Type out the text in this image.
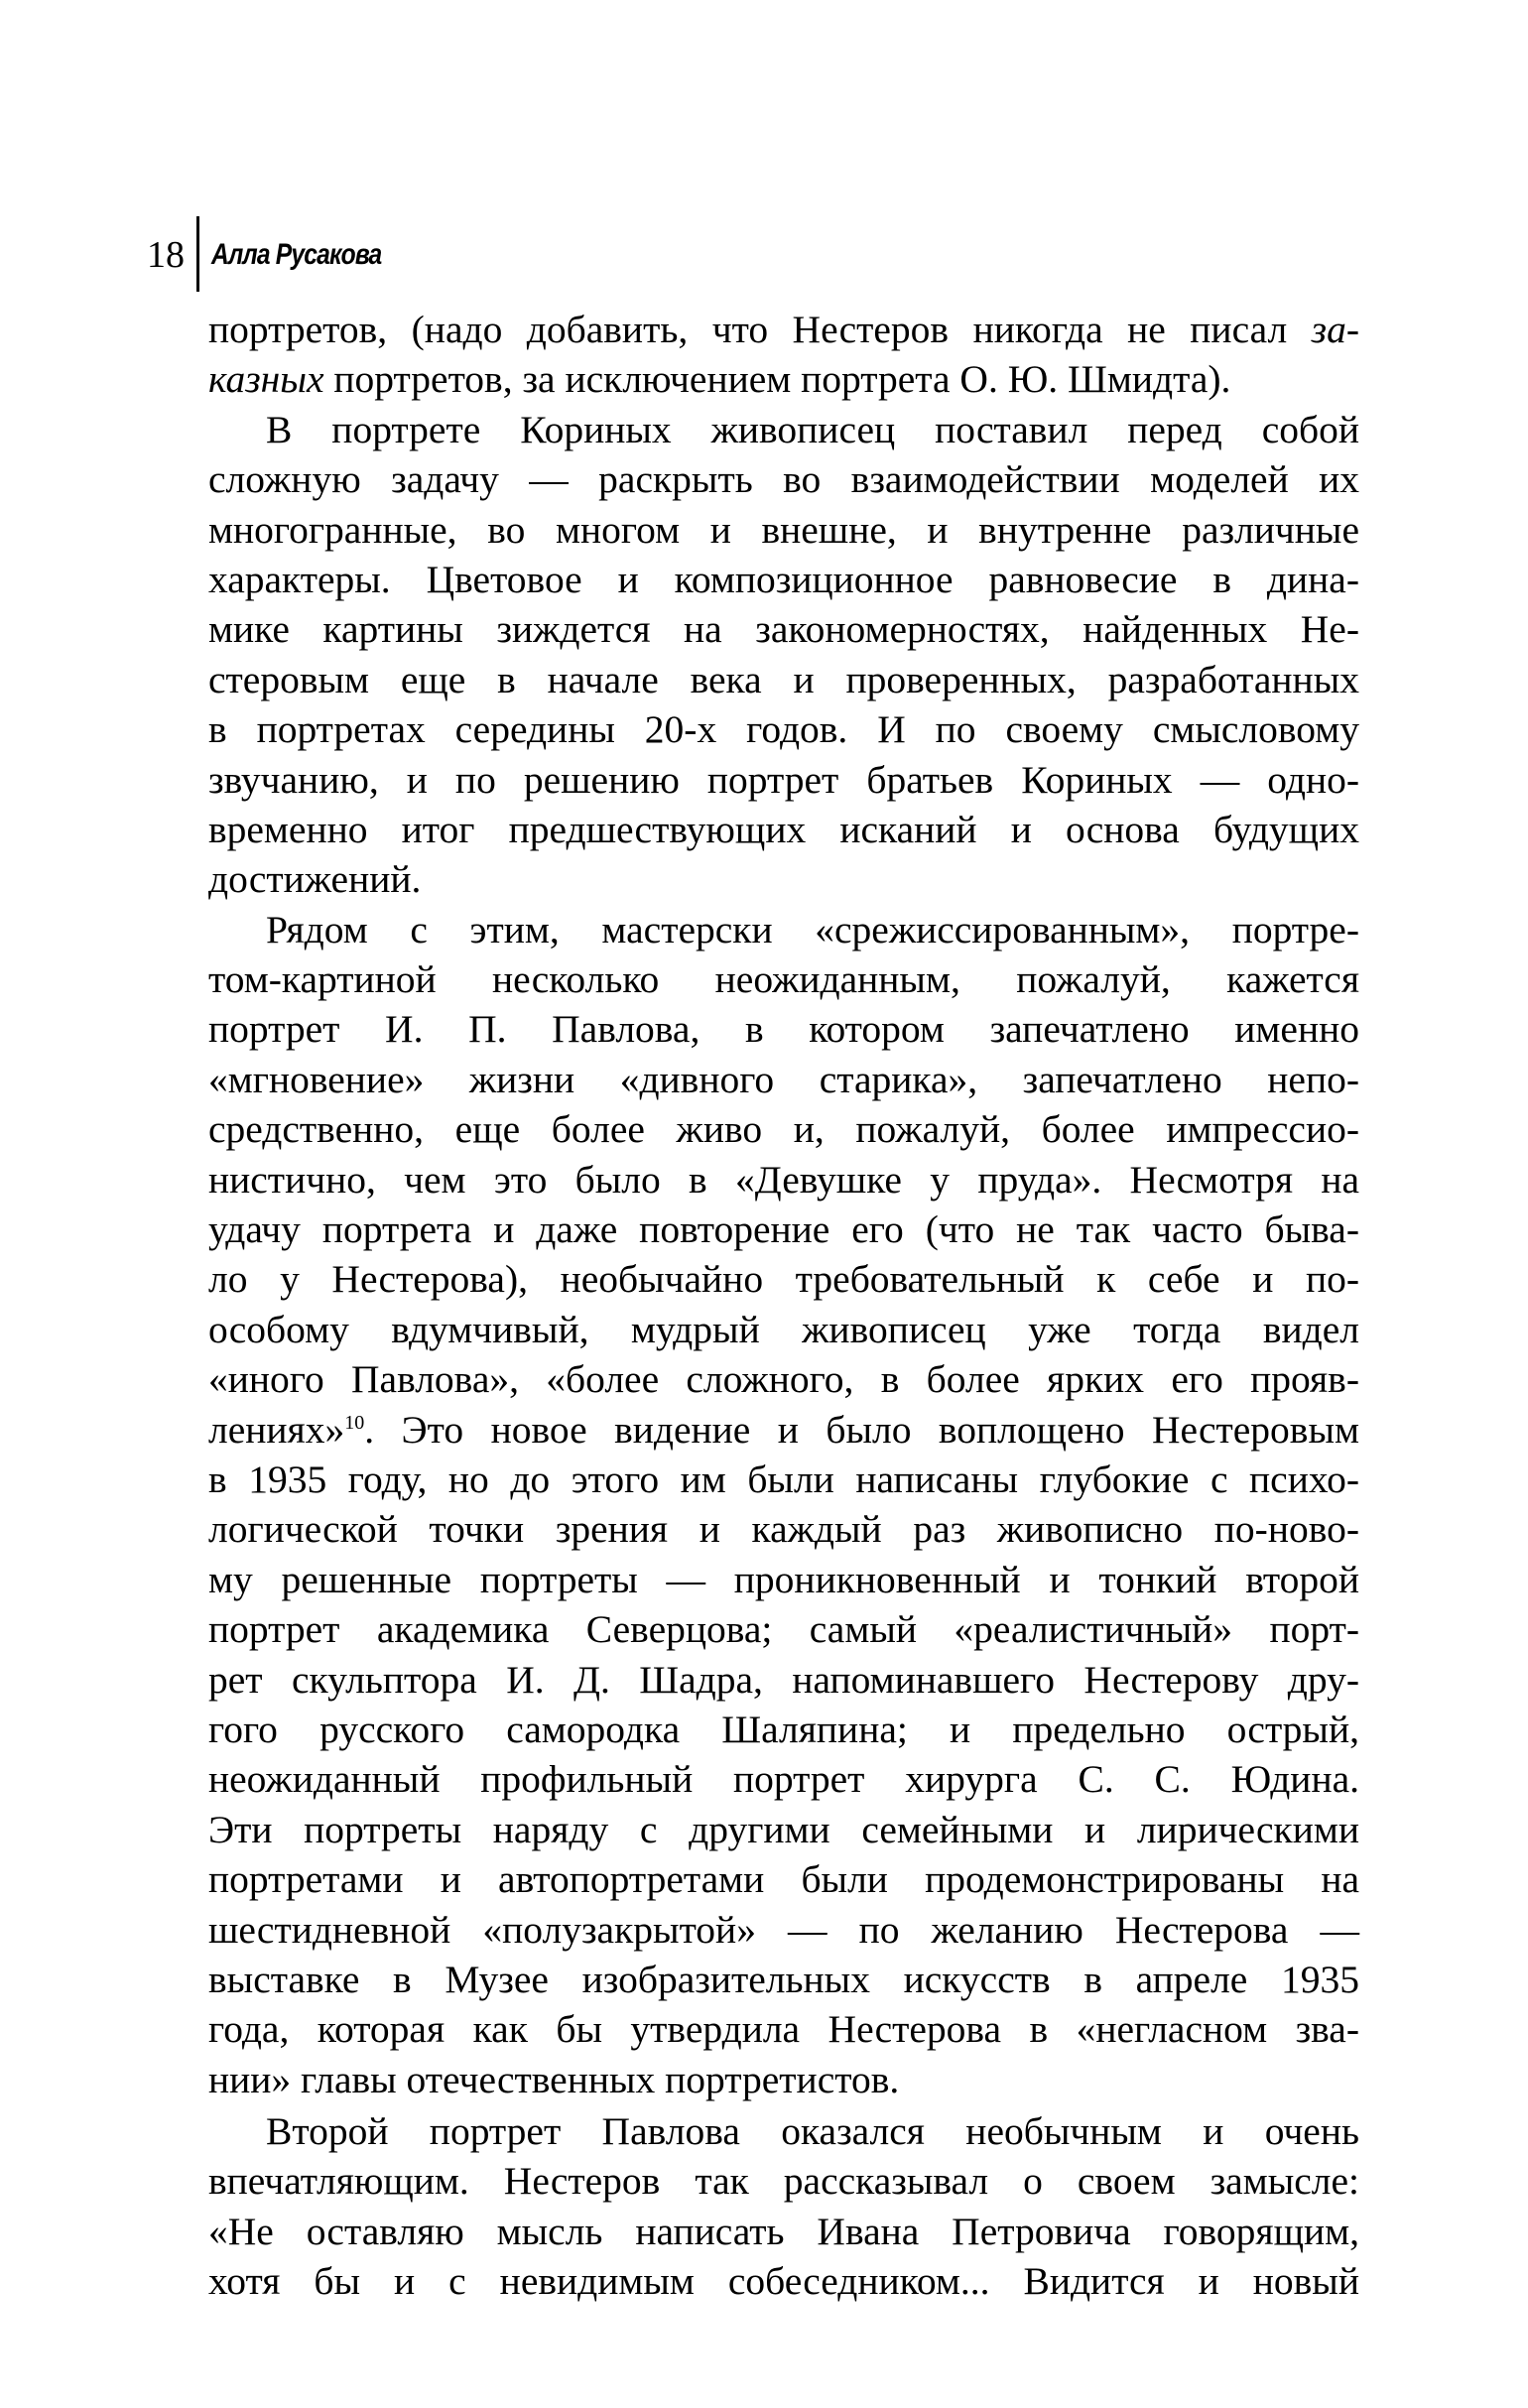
18 Алла Русакова
портретов, (надо добавить, что Нестеров никогда не писал за-
казных портретов, за исключением портрета О. Ю. Шмидта).
В портрете Кориных живописец поставил перед собой
сложную задачу — раскрыть во взаимодействии моделей их
многогранные, во многом и внешне, и внутренне различные
характеры. Цветовое и композиционное равновесие в дина-
мике картины зиждется на закономерностях, найденных Не-
стеровым еще в начале века и проверенных, разработанных
в портретах середины 20-х годов. И по своему смысловому
звучанию, и по решению портрет братьев Кориных — одно-
временно итог предшествующих исканий и основа будущих
достижений.
Рядом с этим, мастерски «срежиссированным», портре-
том-картиной несколько неожиданным, пожалуй, кажется
портрет И. П. Павлова, в котором запечатлено именно
«мгновение» жизни «дивного старика», запечатлено непо-
средственно, еще более живо и, пожалуй, более импрессио-
нистично, чем это было в «Девушке у пруда». Несмотря на
удачу портрета и даже повторение его (что не так часто быва-
ло у Нестерова), необычайно требовательный к себе и по-
особому вдумчивый, мудрый живописец уже тогда видел
«иного Павлова», «более сложного, в более ярких его прояв-
лениях»$^{10}$. Это новое видение и было воплощено Нестеровым
в 1935 году, но до этого им были написаны глубокие с психо-
логической точки зрения и каждый раз живописно по-ново-
му решенные портреты — проникновенный и тонкий второй
портрет академика Северцова; самый «реалистичный» порт-
рет скульптора И. Д. Шадра, напоминавшего Нестерову дру-
гого русского самородка Шаляпина; и предельно острый,
неожиданный профильный портрет хирурга С. С. Юдина.
Эти портреты наряду с другими семейными и лирическими
портретами и автопортретами были продемонстрированы на
шестидневной «полузакрытой» — по желанию Нестерова —
выставке в Музее изобразительных искусств в апреле 1935
года, которая как бы утвердила Нестерова в «негласном зва-
нии» главы отечественных портретистов.
Второй портрет Павлова оказался необычным и очень
впечатляющим. Нестеров так рассказывал о своем замысле:
«Не оставляю мысль написать Ивана Петровича говорящим,
хотя бы и с невидимым собеседником... Видится и новый
